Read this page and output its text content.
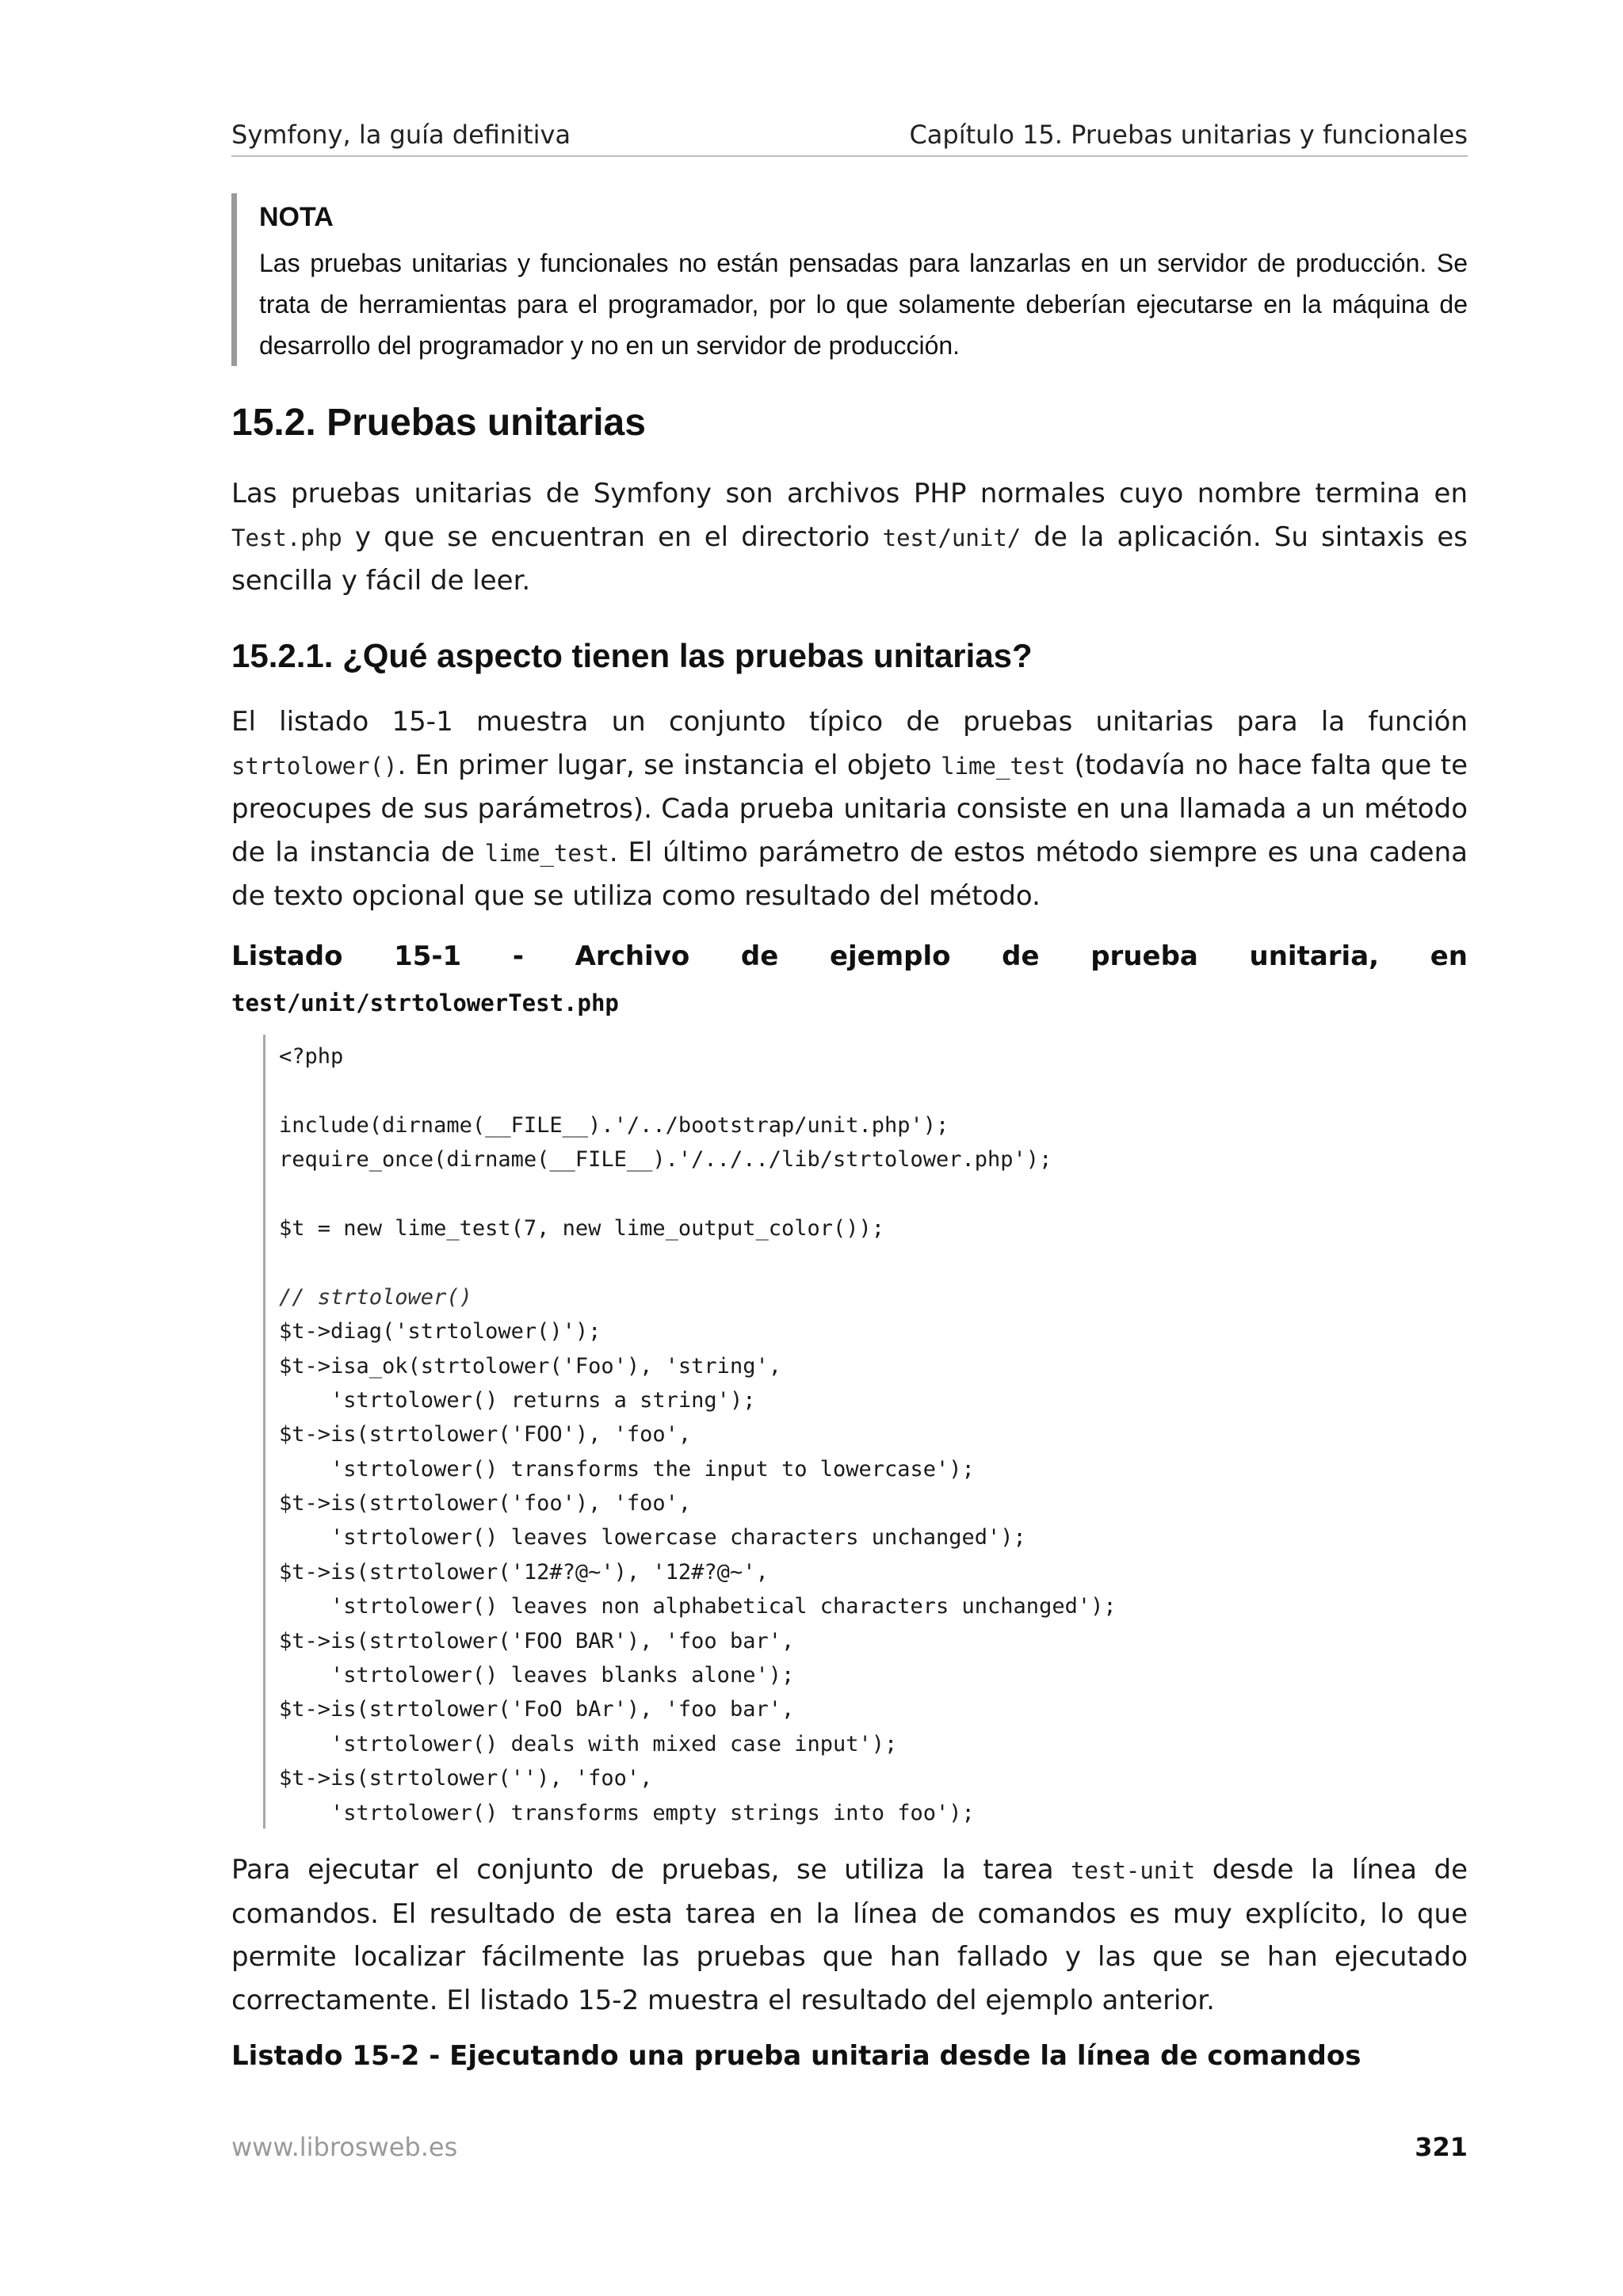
Symfony, la guía definitiva	Capítulo 15. Pruebas unitarias y funcionales
NOTA
Las pruebas unitarias y funcionales no están pensadas para lanzarlas en un servidor de producción. Se trata de herramientas para el programador, por lo que solamente deberían ejecutarse en la máquina de desarrollo del programador y no en un servidor de producción.
15.2. Pruebas unitarias

Las pruebas unitarias de Symfony son archivos PHP normales cuyo nombre termina en Test.php y que se encuentran en el directorio test/unit/ de la aplicación. Su sintaxis es sencilla y fácil de leer.

15.2.1. ¿Qué aspecto tienen las pruebas unitarias?

El listado 15-1 muestra un conjunto típico de pruebas unitarias para la función strtolower(). En primer lugar, se instancia el objeto lime_test (todavía no hace falta que te preocupes de sus parámetros). Cada prueba unitaria consiste en una llamada a un método de la instancia de lime_test. El último parámetro de estos método siempre es una cadena de texto opcional que se utiliza como resultado del método.

Listado 15-1 - Archivo de ejemplo de prueba unitaria, en test/unit/strtolowerTest.php

<?php

include(dirname(__FILE__).'/../bootstrap/unit.php');
require_once(dirname(__FILE__).'/../../lib/strtolower.php');

$t = new lime_test(7, new lime_output_color());

// strtolower()
$t->diag('strtolower()');
$t->isa_ok(strtolower('Foo'), 'string',
'strtolower() returns a string');
$t->is(strtolower('FOO'), 'foo',
'strtolower() transforms the input to lowercase');
$t->is(strtolower('foo'), 'foo',
'strtolower() leaves lowercase characters unchanged');
$t->is(strtolower('12#?@~'), '12#?@~',
'strtolower() leaves non alphabetical characters unchanged');
$t->is(strtolower('FOO BAR'), 'foo bar',
'strtolower() leaves blanks alone');
$t->is(strtolower('FoO bAr'), 'foo bar',
'strtolower() deals with mixed case input');
$t->is(strtolower(''), 'foo',
'strtolower() transforms empty strings into foo');

Para ejecutar el conjunto de pruebas, se utiliza la tarea test-unit desde la línea de comandos. El resultado de esta tarea en la línea de comandos es muy explícito, lo que permite localizar fácilmente las pruebas que han fallado y las que se han ejecutado correctamente. El listado 15-2 muestra el resultado del ejemplo anterior.

Listado 15-2 - Ejecutando una prueba unitaria desde la línea de comandos

www.librosweb.es	321
